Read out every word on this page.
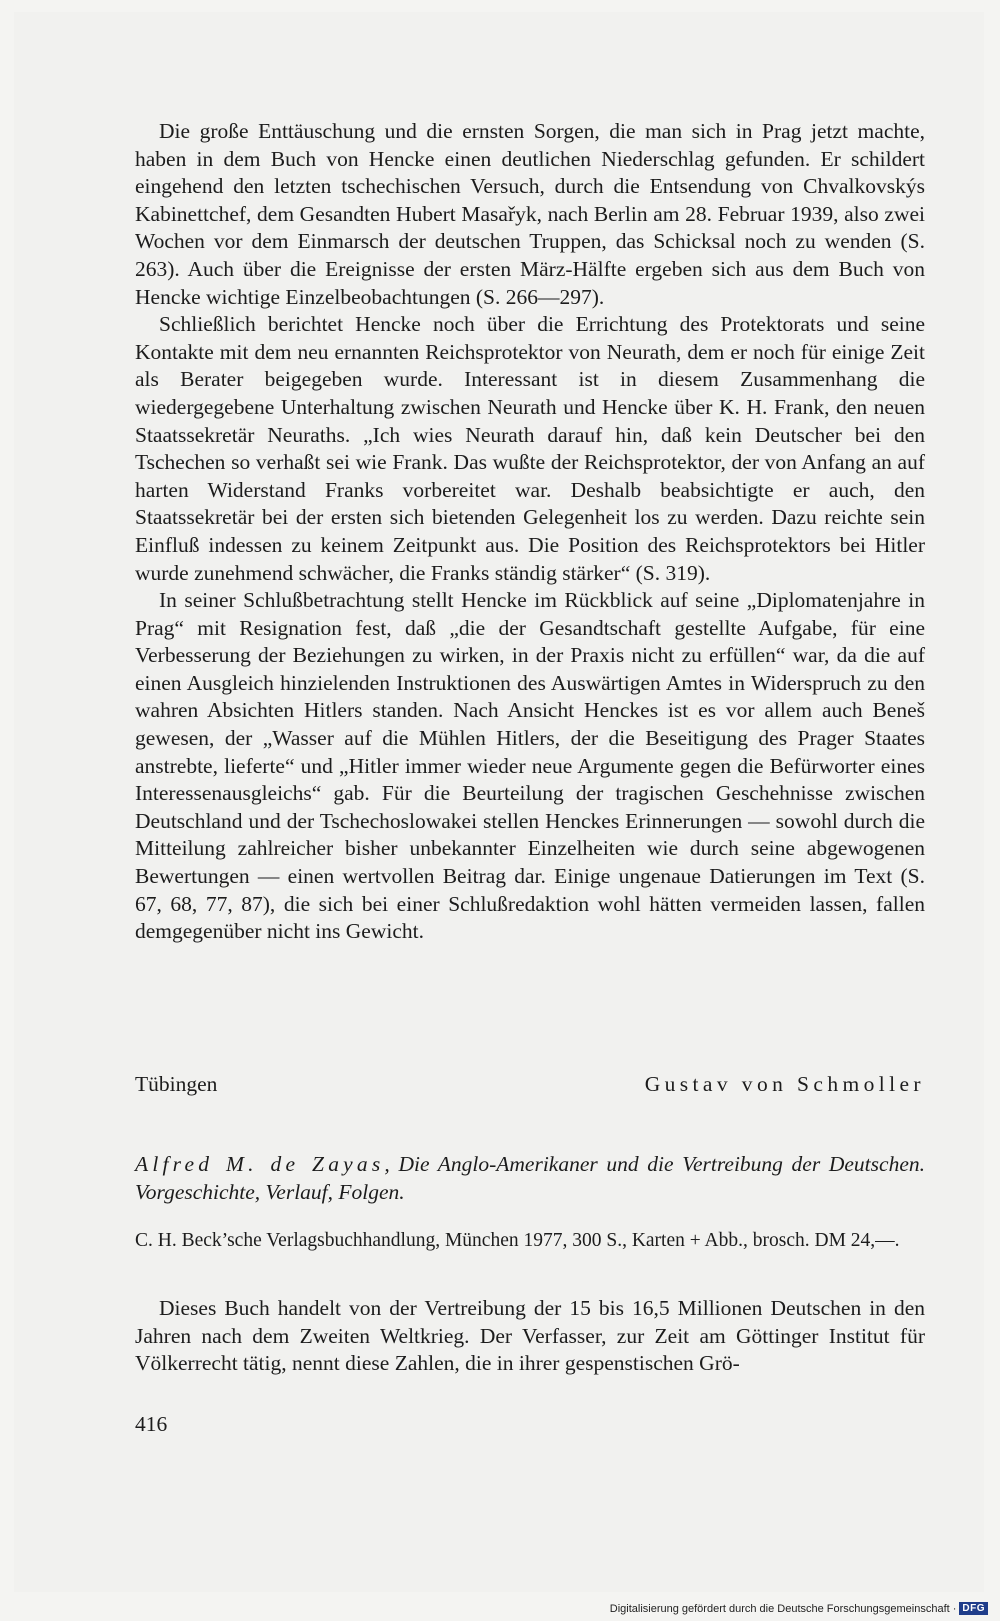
Die große Enttäuschung und die ernsten Sorgen, die man sich in Prag jetzt machte, haben in dem Buch von Hencke einen deutlichen Niederschlag gefunden. Er schildert eingehend den letzten tschechischen Versuch, durch die Entsendung von Chvalkovskýs Kabinettchef, dem Gesandten Hubert Masařyk, nach Berlin am 28. Februar 1939, also zwei Wochen vor dem Einmarsch der deutschen Truppen, das Schicksal noch zu wenden (S. 263). Auch über die Ereignisse der ersten März-Hälfte ergeben sich aus dem Buch von Hencke wichtige Einzelbeobachtungen (S. 266—297).

Schließlich berichtet Hencke noch über die Errichtung des Protektorats und seine Kontakte mit dem neu ernannten Reichsprotektor von Neurath, dem er noch für einige Zeit als Berater beigegeben wurde. Interessant ist in diesem Zusammenhang die wiedergegebene Unterhaltung zwischen Neurath und Hencke über K. H. Frank, den neuen Staatssekretär Neuraths. „Ich wies Neurath darauf hin, daß kein Deutscher bei den Tschechen so verhaßt sei wie Frank. Das wußte der Reichsprotektor, der von Anfang an auf harten Widerstand Franks vorbereitet war. Deshalb beabsichtigte er auch, den Staatssekretär bei der ersten sich bietenden Gelegenheit los zu werden. Dazu reichte sein Einfluß indessen zu keinem Zeitpunkt aus. Die Position des Reichsprotektors bei Hitler wurde zunehmend schwächer, die Franks ständig stärker“ (S. 319).

In seiner Schlußbetrachtung stellt Hencke im Rückblick auf seine „Diplomatenjahre in Prag“ mit Resignation fest, daß „die der Gesandtschaft gestellte Aufgabe, für eine Verbesserung der Beziehungen zu wirken, in der Praxis nicht zu erfüllen“ war, da die auf einen Ausgleich hinzielenden Instruktionen des Auswärtigen Amtes in Widerspruch zu den wahren Absichten Hitlers standen. Nach Ansicht Henckes ist es vor allem auch Beneš gewesen, der „Wasser auf die Mühlen Hitlers, der die Beseitigung des Prager Staates anstrebte, lieferte“ und „Hitler immer wieder neue Argumente gegen die Befürworter eines Interessenausgleichs“ gab. Für die Beurteilung der tragischen Geschehnisse zwischen Deutschland und der Tschechoslowakei stellen Henckes Erinnerungen — sowohl durch die Mitteilung zahlreicher bisher unbekannter Einzelheiten wie durch seine abgewogenen Bewertungen — einen wertvollen Beitrag dar. Einige ungenaue Datierungen im Text (S. 67, 68, 77, 87), die sich bei einer Schlußredaktion wohl hätten vermeiden lassen, fallen demgegenüber nicht ins Gewicht.

Tübingen	Gustav von Schmoller
Alfred M. de Zayas, Die Anglo-Amerikaner und die Vertreibung der Deutschen. Vorgeschichte, Verlauf, Folgen.
C. H. Beck’sche Verlagsbuchhandlung, München 1977, 300 S., Karten + Abb., brosch. DM 24,—.

Dieses Buch handelt von der Vertreibung der 15 bis 16,5 Millionen Deutschen in den Jahren nach dem Zweiten Weltkrieg. Der Verfasser, zur Zeit am Göttinger Institut für Völkerrecht tätig, nennt diese Zahlen, die in ihrer gespenstischen Grö-

416
Digitalisierung gefördert durch die Deutsche Forschungsgemeinschaft · DFG
